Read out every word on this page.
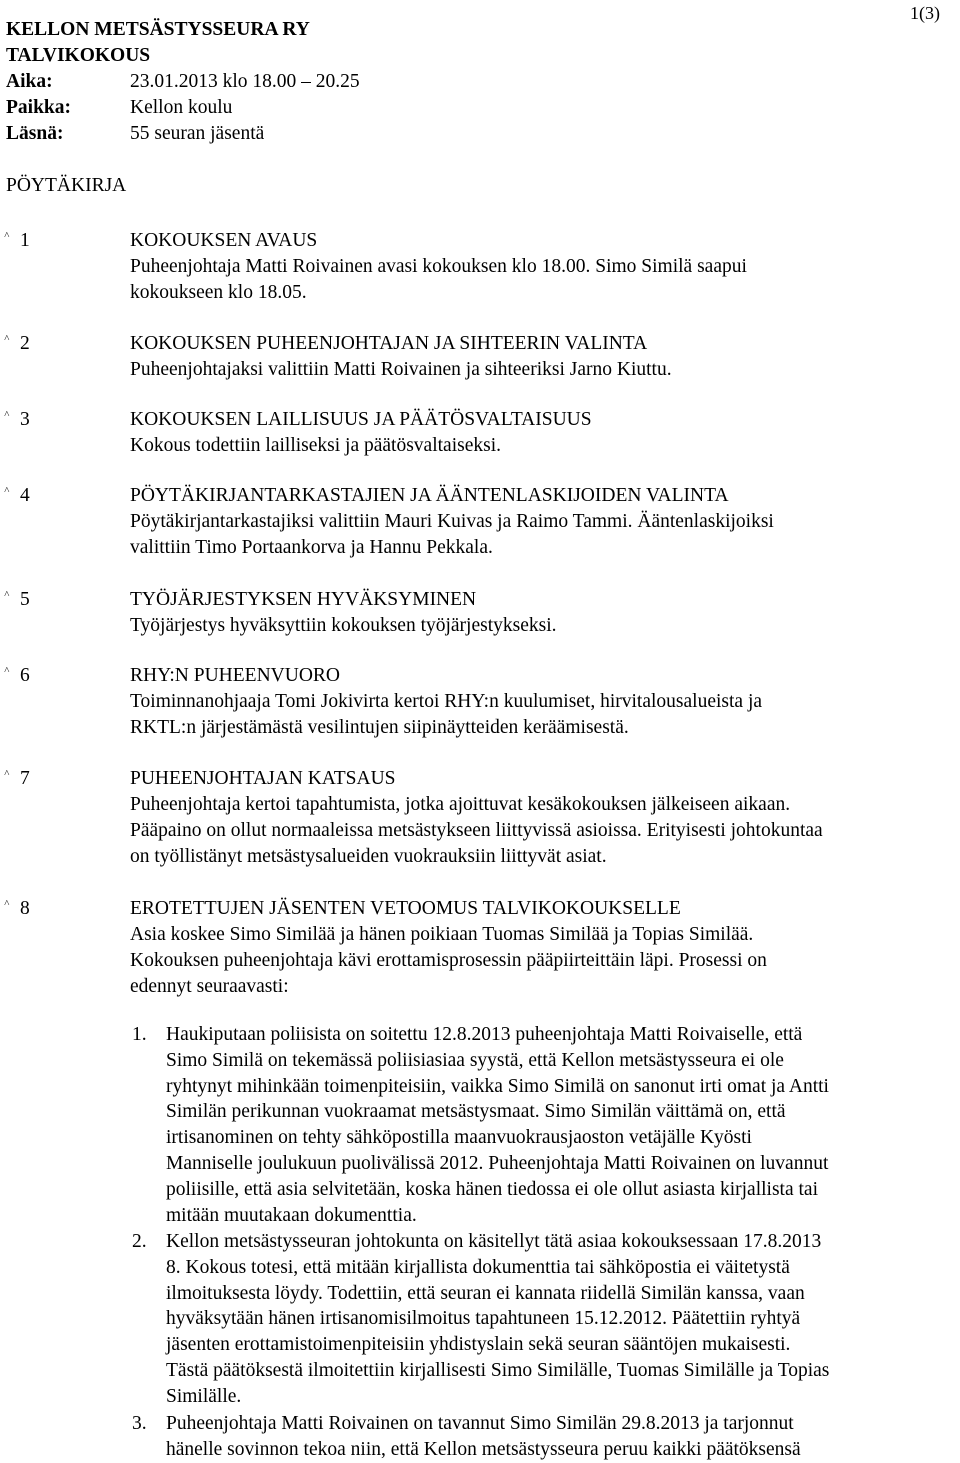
KELLON METSÄSTYSSEURA RY
1(3)
TALVIKOKOUS
Aika:	23.01.2013 klo 18.00 – 20.25
Paikka:	Kellon koulu
Läsnä:	55 seuran jäsentä
PÖYTÄKIRJA
˄ 1	KOKOUKSEN AVAUS
Puheenjohtaja Matti Roivainen avasi kokouksen klo 18.00. Simo Similä saapui
kokoukseen klo 18.05.
˄ 2	KOKOUKSEN PUHEENJOHTAJAN JA SIHTEERIN VALINTA
Puheenjohtajaksi valittiin Matti Roivainen ja sihteeriksi Jarno Kiuttu.
˄ 3	KOKOUKSEN LAILLISUUS JA PÄÄTÖSVALTAISUUS
Kokous todettiin lailliseksi ja päätösvaltaiseksi.
˄ 4	PÖYTÄKIRJANTARKASTAJIEN JA ÄÄNTENLASKIJOIDEN VALINTA
Pöytäkirjantarkastajiksi valittiin Mauri Kuivas ja Raimo Tammi. Ääntenlaskijoiksi
valittiin Timo Portaankorva ja Hannu Pekkala.
˄ 5	TYÖJÄRJESTYKSEN HYVÄKSYMINEN
Työjärjestys hyväksyttiin kokouksen työjärjestykseksi.
˄ 6	RHY:N PUHEENVUORO
Toiminnanohjaaja Tomi Jokivirta kertoi RHY:n kuulumiset, hirvitalousalueista ja
RKTL:n järjestämästä vesilintujen siipinäytteiden keräämisestä.
˄ 7	PUHEENJOHTAJAN KATSAUS
Puheenjohtaja kertoi tapahtumista, jotka ajoittuvat kesäkokouksen jälkeiseen aikaan.
Pääpaino on ollut normaaleissa metsästykseen liittyvissä asioissa. Erityisesti johtokuntaa
on työllistänyt metsästysalueiden vuokrauksiin liittyvät asiat.
˄ 8	EROTETTUJEN JÄSENTEN VETOOMUS TALVIKOKOUKSELLE
Asia koskee Simo Similää ja hänen poikiaan Tuomas Similää ja Topias Similää.
Kokouksen puheenjohtaja kävi erottamisprosessin pääpiirteittäin läpi. Prosessi on
edennyt seuraavasti:
1. Haukiputaan poliisista on soitettu 12.8.2013 puheenjohtaja Matti Roivaiselle, että
Simo Similä on tekemässä poliisiasiaa syystä, että Kellon metsästysseura ei ole
ryhtynyt mihinkään toimenpiteisiin, vaikka Simo Similä on sanonut irti omat ja Antti
Similän perikunnan vuokraamat metsästysmaat. Simo Similän väittämä on, että
irtisanominen on tehty sähköpostilla maanvuokrausjaoston vetäjälle Kyösti
Manniselle joulukuun puolivälissä 2012. Puheenjohtaja Matti Roivainen on luvannut
poliisille, että asia selvitetään, koska hänen tiedossa ei ole ollut asiasta kirjallista tai
mitään muutakaan dokumenttia.
2. Kellon metsästysseuran johtokunta on käsitellyt tätä asiaa kokouksessaan 17.8.2013
8. Kokous totesi, että mitään kirjallista dokumenttia tai sähköpostia ei väitetystä
ilmoituksesta löydy. Todettiin, että seuran ei kannata riidellä Similän kanssa, vaan
hyväksytään hänen irtisanomisilmoitus tapahtuneen 15.12.2012. Päätettiin ryhtyä
jäsenten erottamistoimenpiteisiin yhdistyslain sekä seuran sääntöjen mukaisesti.
Tästä päätöksestä ilmoitettiin kirjallisesti Simo Similälle, Tuomas Similälle ja Topias
Similälle.
3. Puheenjohtaja Matti Roivainen on tavannut Simo Similän 29.8.2013 ja tarjonnut
hänelle sovinnon tekoa niin, että Kellon metsästysseura peruu kaikki päätöksensä
